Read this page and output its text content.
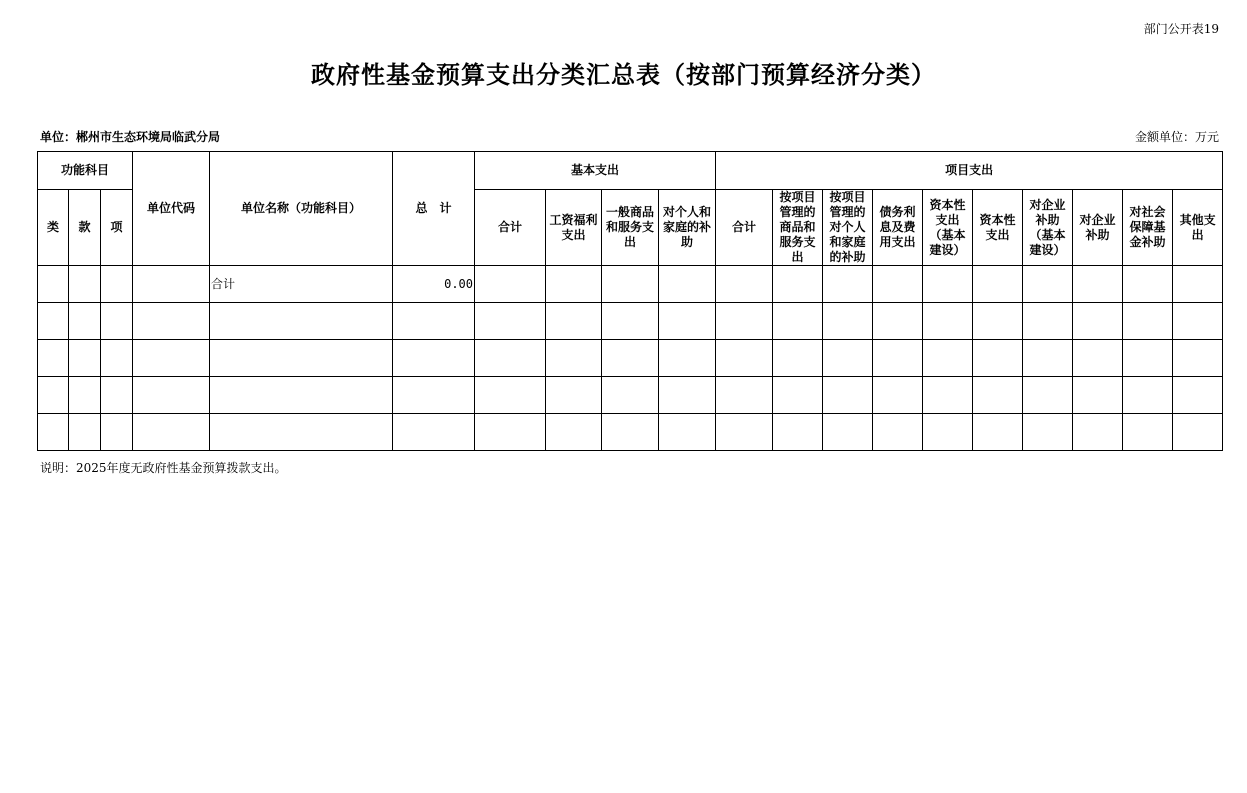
部门公开表19
政府性基金预算支出分类汇总表（按部门预算经济分类）
单位：郴州市生态环境局临武分局	金额单位：万元
功能科目			单位代码	单位名称（功能科目）	总　计	基本支出				项目支出									
类	款	项				合计	工资福利支出	一般商品和服务支出	对个人和家庭的补助	合计	按项目管理的商品和服务支出	按项目管理的对个人和家庭的补助	债务利息及费用支出	资本性支出（基本建设）	资本性支出	对企业补助（基本建设）	对企业补助	对社会保障基金补助	其他支出
				合计	0.00														

说明：2025年度无政府性基金预算拨款支出。
